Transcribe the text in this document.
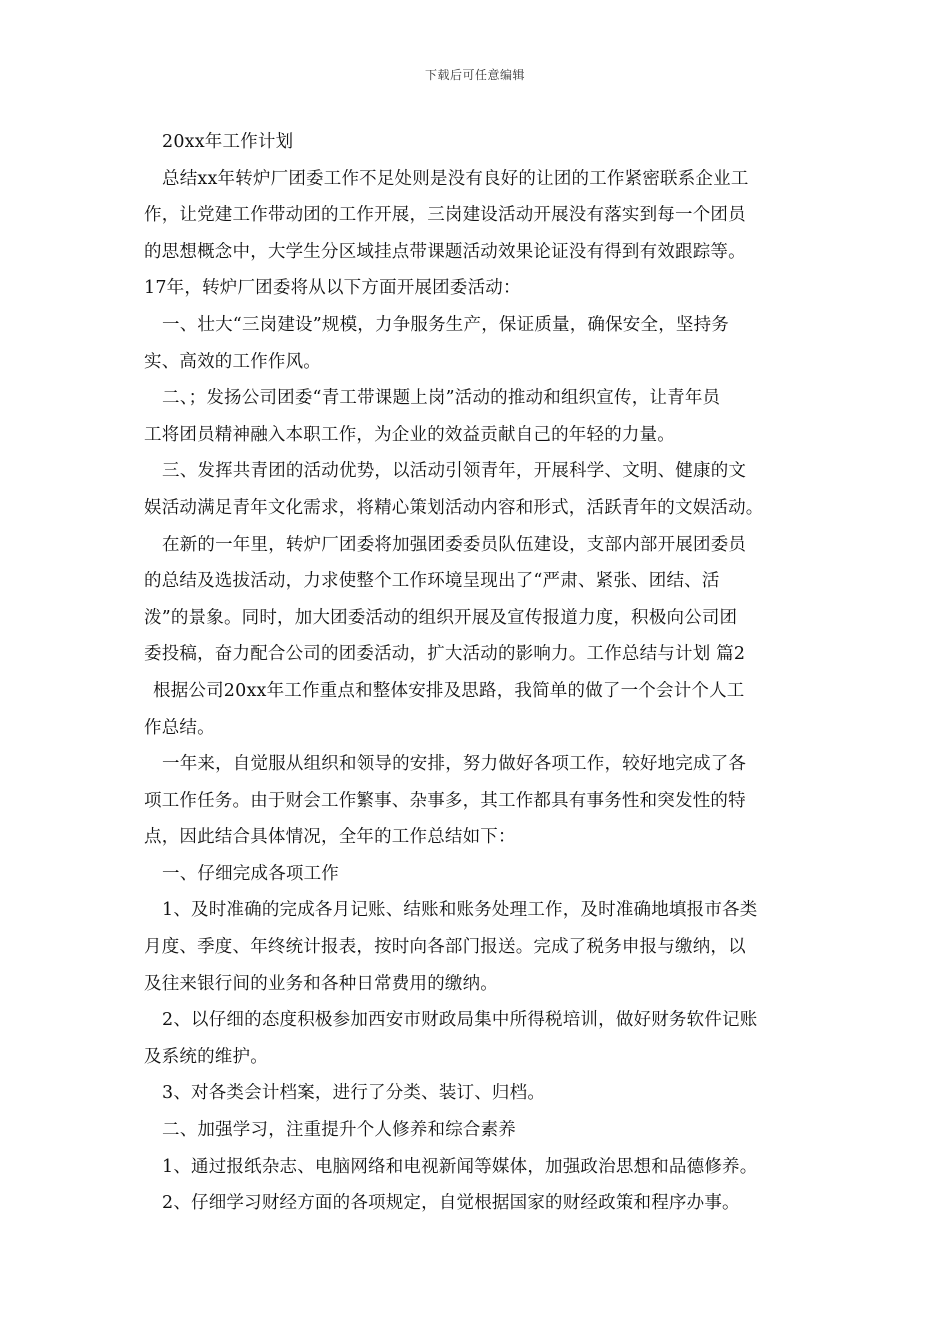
下载后可任意编辑
20xx年工作计划
总结xx年转炉厂团委工作不足处则是没有良好的让团的工作紧密联系企业工
作，让党建工作带动团的工作开展，三岗建设活动开展没有落实到每一个团员
的思想概念中，大学生分区域挂点带课题活动效果论证没有得到有效跟踪等。
17年，转炉厂团委将从以下方面开展团委活动：
一、壮大“三岗建设”规模，力争服务生产，保证质量，确保安全，坚持务
实、高效的工作作风。
二、；发扬公司团委“青工带课题上岗”活动的推动和组织宣传，让青年员
工将团员精神融入本职工作，为企业的效益贡献自己的年轻的力量。
三、发挥共青团的活动优势，以活动引领青年，开展科学、文明、健康的文
娱活动满足青年文化需求，将精心策划活动内容和形式，活跃青年的文娱活动。
在新的一年里，转炉厂团委将加强团委委员队伍建设，支部内部开展团委员
的总结及选拔活动，力求使整个工作环境呈现出了“严肃、紧张、团结、活
泼”的景象。同时，加大团委活动的组织开展及宣传报道力度，积极向公司团
委投稿，奋力配合公司的团委活动，扩大活动的影响力。工作总结与计划 篇2
根据公司20xx年工作重点和整体安排及思路，我简单的做了一个会计个人工
作总结。
一年来，自觉服从组织和领导的安排，努力做好各项工作，较好地完成了各
项工作任务。由于财会工作繁事、杂事多，其工作都具有事务性和突发性的特
点，因此结合具体情况，全年的工作总结如下：
一、仔细完成各项工作
1、及时准确的完成各月记账、结账和账务处理工作，及时准确地填报市各类
月度、季度、年终统计报表，按时向各部门报送。完成了税务申报与缴纳，以
及往来银行间的业务和各种日常费用的缴纳。
2、以仔细的态度积极参加西安市财政局集中所得税培训，做好财务软件记账
及系统的维护。
3、对各类会计档案，进行了分类、装订、归档。
二、加强学习，注重提升个人修养和综合素养
1、通过报纸杂志、电脑网络和电视新闻等媒体，加强政治思想和品德修养。
2、仔细学习财经方面的各项规定，自觉根据国家的财经政策和程序办事。
